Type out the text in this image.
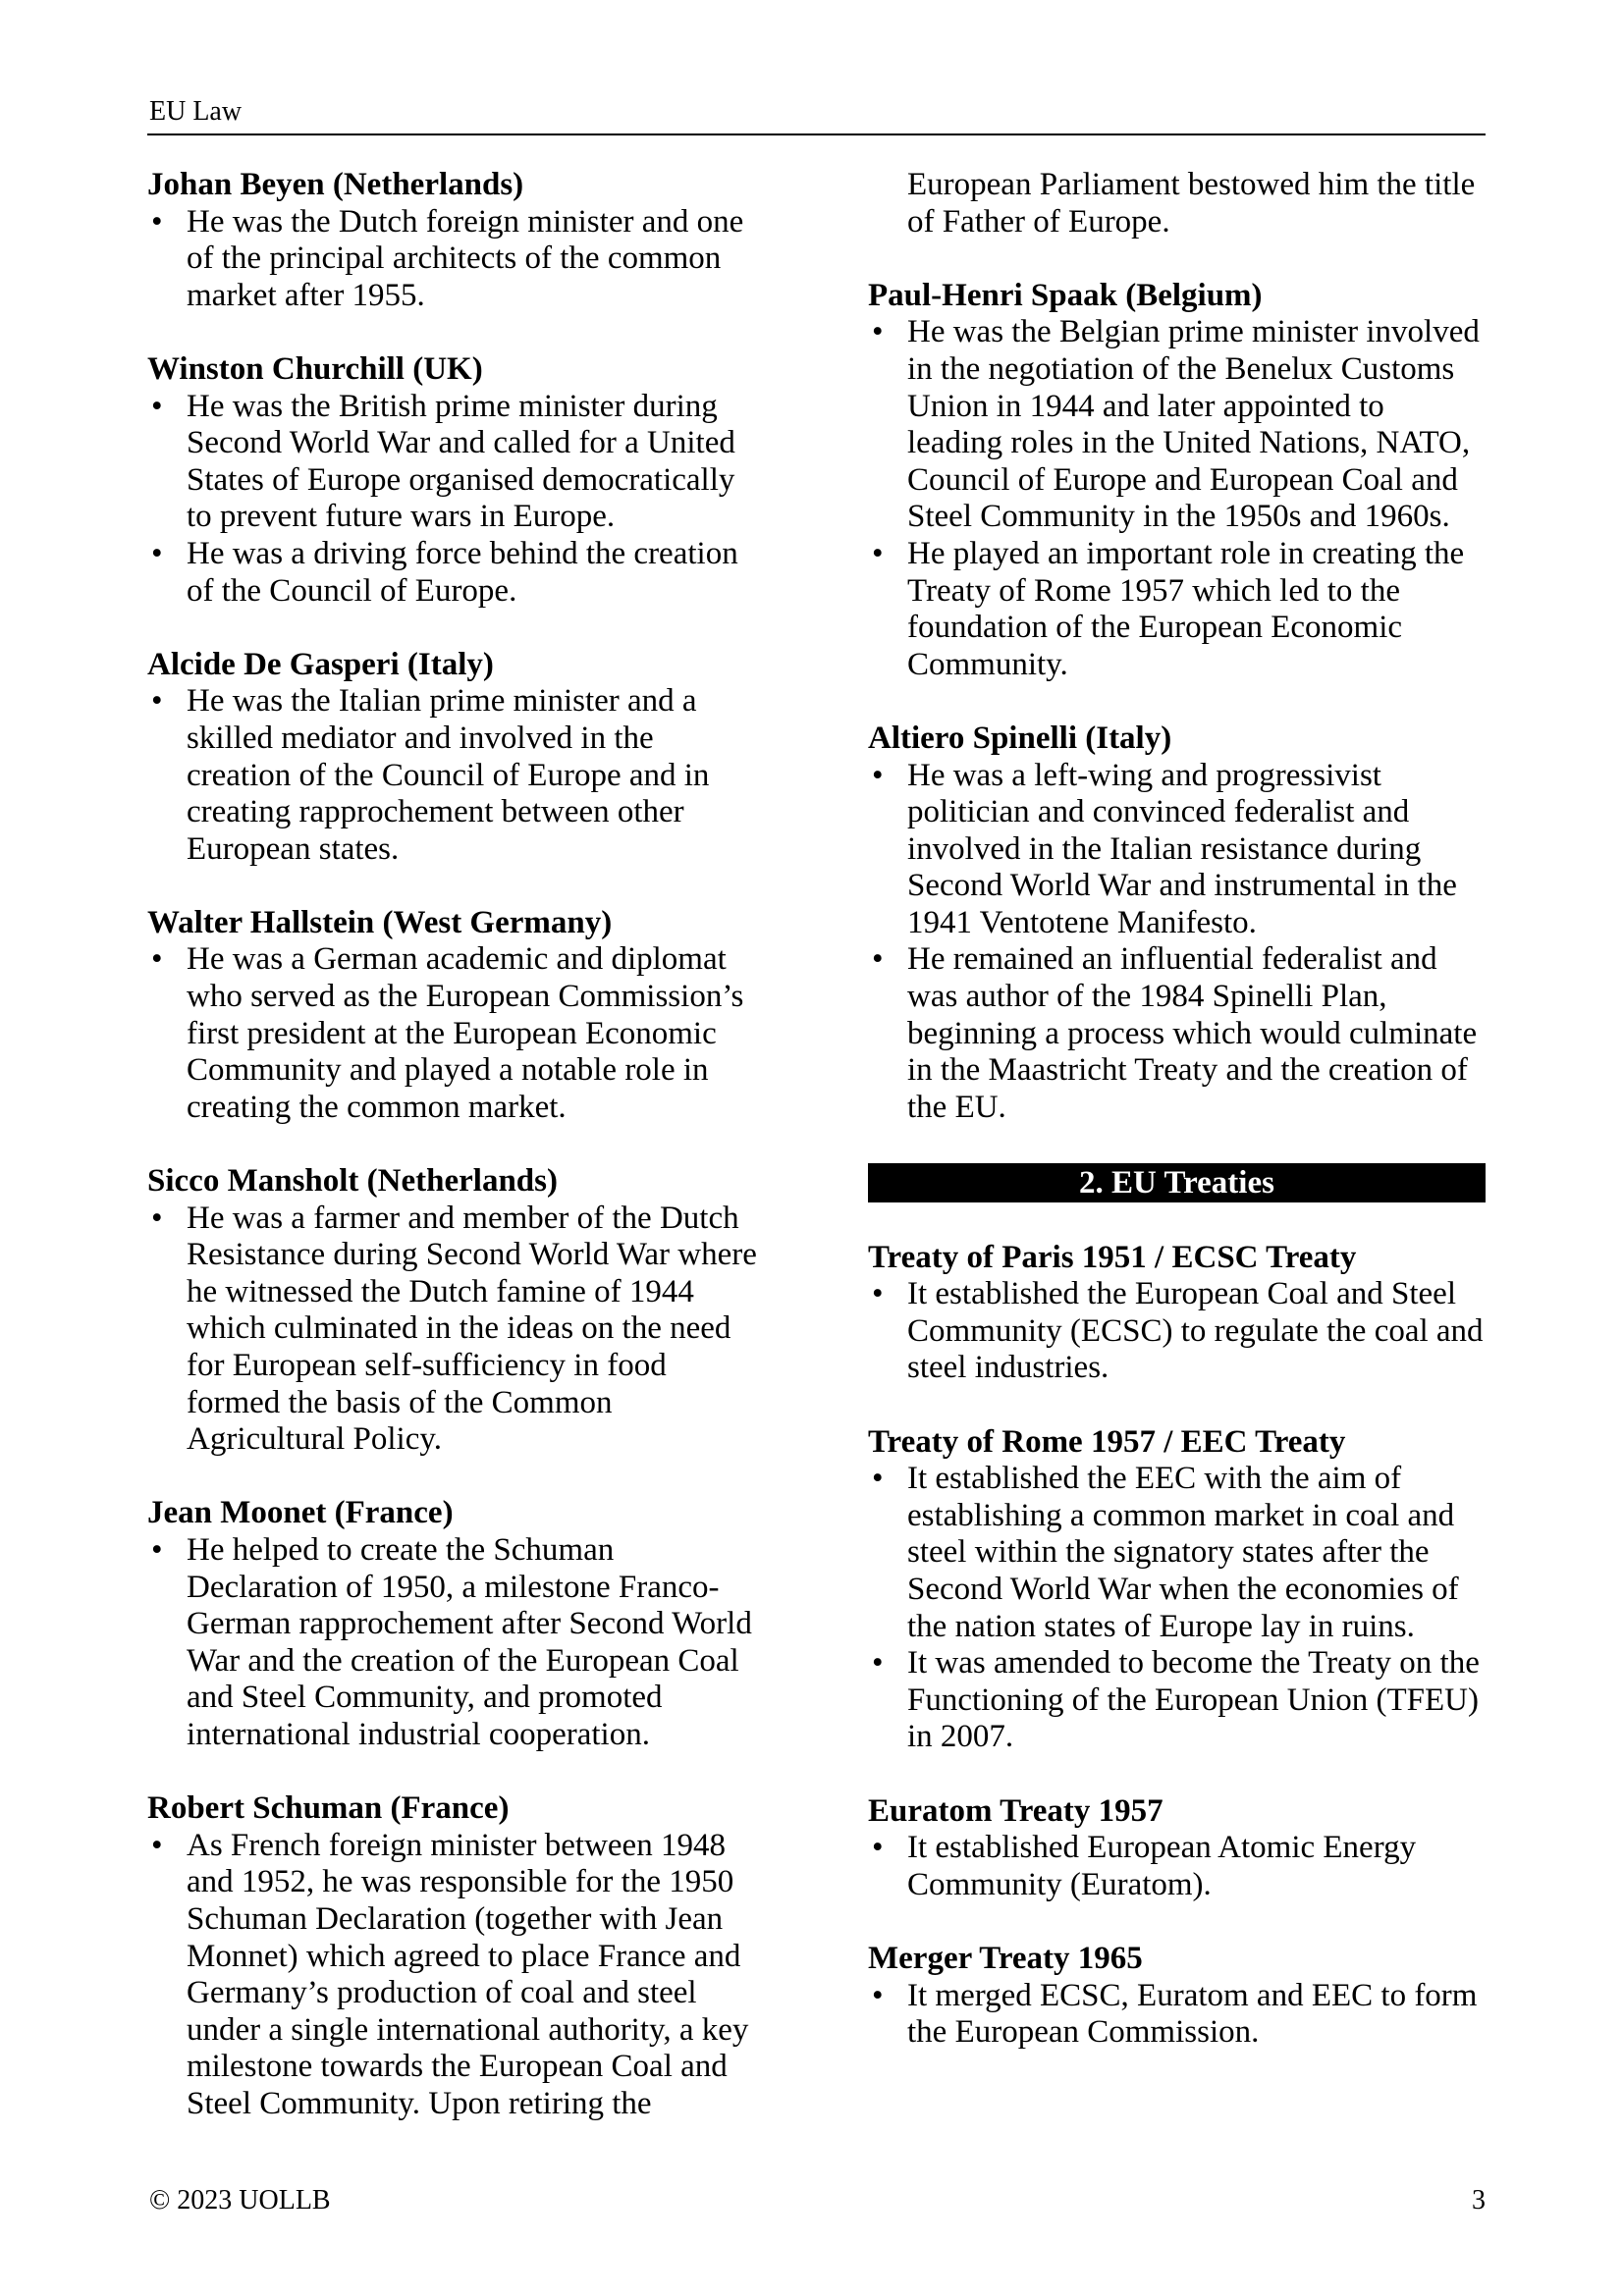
EU Law
Johan Beyen (Netherlands)
• He was the Dutch foreign minister and one of the principal architects of the common market after 1955.
Winston Churchill (UK)
• He was the British prime minister during Second World War and called for a United States of Europe organised democratically to prevent future wars in Europe.
• He was a driving force behind the creation of the Council of Europe.
Alcide De Gasperi (Italy)
• He was the Italian prime minister and a skilled mediator and involved in the creation of the Council of Europe and in creating rapprochement between other European states.
Walter Hallstein (West Germany)
• He was a German academic and diplomat who served as the European Commission’s first president at the European Economic Community and played a notable role in creating the common market.
Sicco Mansholt (Netherlands)
• He was a farmer and member of the Dutch Resistance during Second World War where he witnessed the Dutch famine of 1944 which culminated in the ideas on the need for European self-sufficiency in food formed the basis of the Common Agricultural Policy.
Jean Moonet (France)
• He helped to create the Schuman Declaration of 1950, a milestone Franco-German rapprochement after Second World War and the creation of the European Coal and Steel Community, and promoted international industrial cooperation.
Robert Schuman (France)
• As French foreign minister between 1948 and 1952, he was responsible for the 1950 Schuman Declaration (together with Jean Monnet) which agreed to place France and Germany’s production of coal and steel under a single international authority, a key milestone towards the European Coal and Steel Community. Upon retiring the
European Parliament bestowed him the title of Father of Europe.
Paul-Henri Spaak (Belgium)
• He was the Belgian prime minister involved in the negotiation of the Benelux Customs Union in 1944 and later appointed to leading roles in the United Nations, NATO, Council of Europe and European Coal and Steel Community in the 1950s and 1960s.
• He played an important role in creating the Treaty of Rome 1957 which led to the foundation of the European Economic Community.
Altiero Spinelli (Italy)
• He was a left-wing and progressivist politician and convinced federalist and involved in the Italian resistance during Second World War and instrumental in the 1941 Ventotene Manifesto.
• He remained an influential federalist and was author of the 1984 Spinelli Plan, beginning a process which would culminate in the Maastricht Treaty and the creation of the EU.
2. EU Treaties
Treaty of Paris 1951 / ECSC Treaty
• It established the European Coal and Steel Community (ECSC) to regulate the coal and steel industries.
Treaty of Rome 1957 / EEC Treaty
• It established the EEC with the aim of establishing a common market in coal and steel within the signatory states after the Second World War when the economies of the nation states of Europe lay in ruins.
• It was amended to become the Treaty on the Functioning of the European Union (TFEU) in 2007.
Euratom Treaty 1957
• It established European Atomic Energy Community (Euratom).
Merger Treaty 1965
• It merged ECSC, Euratom and EEC to form the European Commission.
© 2023 UOLLB	3
